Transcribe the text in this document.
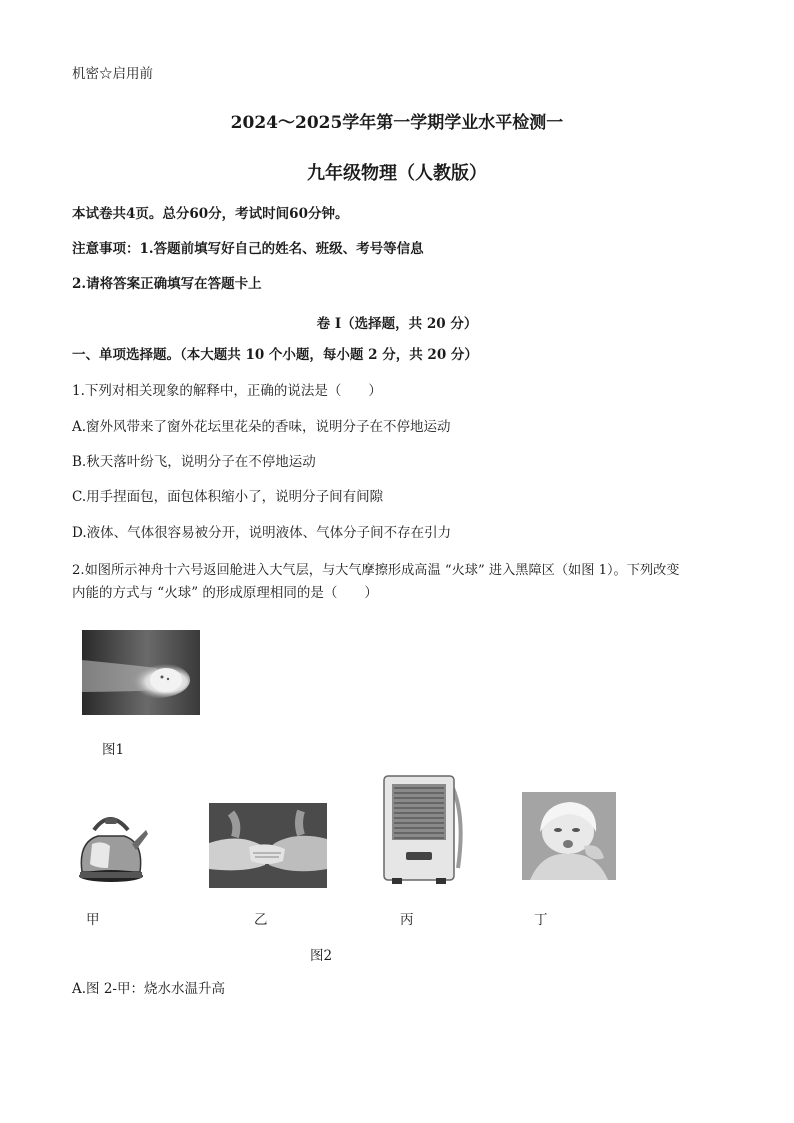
机密☆启用前
2024～2025学年第一学期学业水平检测一
九年级物理（人教版）
本试卷共4页。总分60分，考试时间60分钟。
注意事项：1.答题前填写好自己的姓名、班级、考号等信息
2.请将答案正确填写在答题卡上
卷 I（选择题，共 20 分）
一、单项选择题。（本大题共 10 个小题，每小题 2 分，共 20 分）
1.下列对相关现象的解释中，正确的说法是（　　）
A.窗外风带来了窗外花坛里花朵的香味，说明分子在不停地运动
B.秋天落叶纷飞，说明分子在不停地运动
C.用手捏面包，面包体积缩小了，说明分子间有间隙
D.液体、气体很容易被分开，说明液体、气体分子间不存在引力
2.如图所示神舟十六号返回舱进入大气层，与大气摩擦形成高温 “火球” 进入黑障区（如图 1）。下列改变
内能的方式与 “火球” 的形成原理相同的是（　　）
图1
甲	乙	丙	丁
图2
A.图 2-甲：烧水水温升高
